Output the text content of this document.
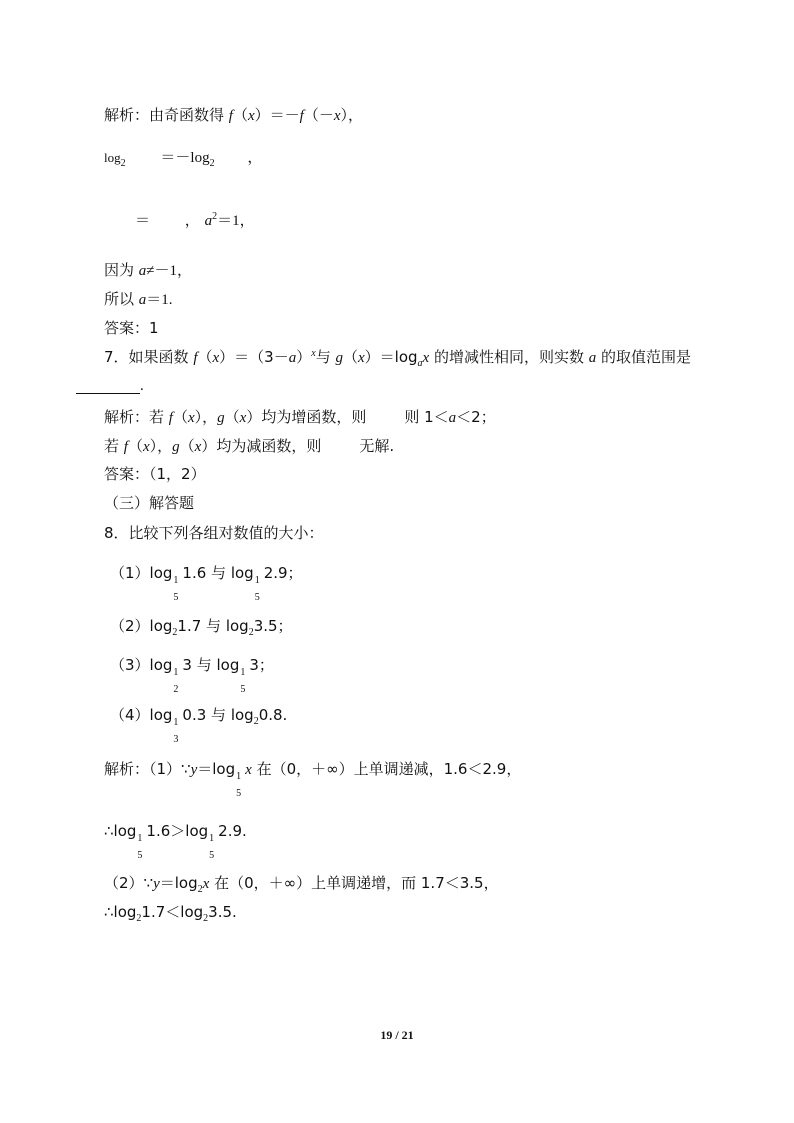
解析：由奇函数得 f（x）＝－f（－x），
$\log_2 =-\log_2$ ，
＝ ， $a^2=1$，
因为 a≠－1，
所以 a＝1.
答案：1
7．如果函数 $f(x)=(3-a)^x$与 $g(x)=\log_ax$ 的增减性相同，则实数 a 的取值范围是
.
解析：若 f（x），g（x）均为增函数，则	则 1＜a＜2；
若 f（x），g（x）均为减函数，则	无解.
答案：（1，2）
（三）解答题
8．比较下列各组对数值的大小：
（1）log 1
5
1.6 与 log 1
5
2.9；
$(2)\log_21.7$ 与 $\log_23.5$；
（3）log 1
2
3 与 log 1
5
3；
（4）log 1
3
0.3 与 $\log_20.8$.
解析：（1）∵y＝log 1
5
x 在（0，＋∞）上单调递减，1.6＜2.9，
∴log 1
5
1.6＞log 1
5
2.9.
$(2)\because y=\log_2x$ 在（0，＋∞）上单调递增，而 1.7＜3.5，
$\therefore\log_21.7<\log_23.5$.
19 / 21
